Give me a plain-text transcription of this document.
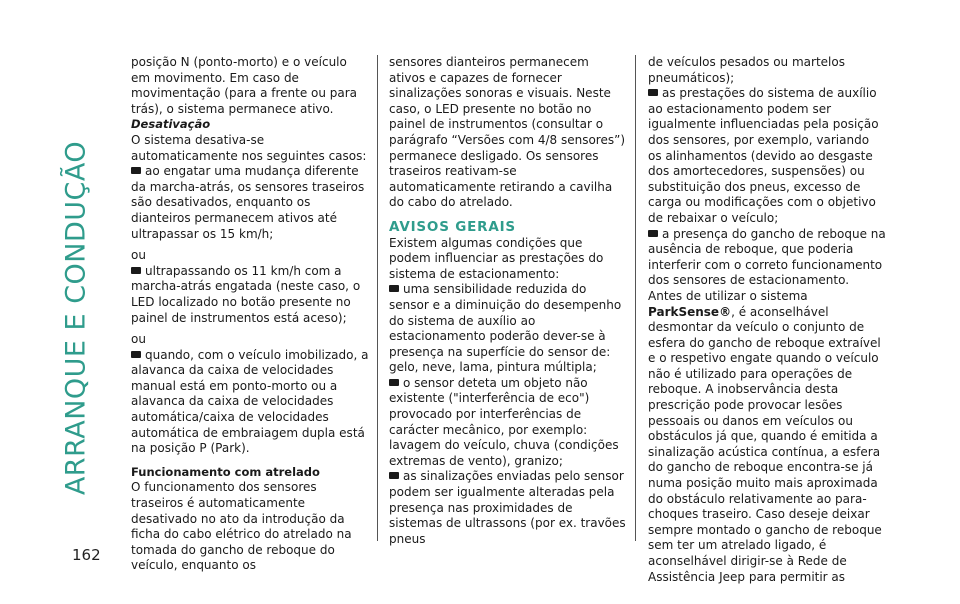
ARRANQUE E CONDUÇÃO
162

posição N (ponto-morto) e o veículo em movimento. Em caso de movimentação (para a frente ou para trás), o sistema permanece ativo.

Desativação

O sistema desativa-se automaticamente nos seguintes casos:

ao engatar uma mudança diferente da marcha-atrás, os sensores traseiros são desativados, enquanto os dianteiros permanecem ativos até ultrapassar os 15 km/h;

ou

ultrapassando os 11 km/h com a marcha-atrás engatada (neste caso, o LED localizado no botão presente no painel de instrumentos está aceso);

ou

quando, com o veículo imobilizado, a alavanca da caixa de velocidades manual está em ponto-morto ou a alavanca da caixa de velocidades automática/caixa de velocidades automática de embraiagem dupla está na posição P (Park).

Funcionamento com atrelado

O funcionamento dos sensores traseiros é automaticamente desativado no ato da introdução da ficha do cabo elétrico do atrelado na tomada do gancho de reboque do veículo, enquanto os

sensores dianteiros permanecem ativos e capazes de fornecer sinalizações sonoras e visuais. Neste caso, o LED presente no botão no painel de instrumentos (consultar o parágrafo “Versões com 4/8 sensores”) permanece desligado. Os sensores traseiros reativam-se automaticamente retirando a cavilha do cabo do atrelado.

AVISOS GERAIS

Existem algumas condições que podem influenciar as prestações do sistema de estacionamento:

uma sensibilidade reduzida do sensor e a diminuição do desempenho do sistema de auxílio ao estacionamento poderão dever-se à presença na superfície do sensor de: gelo, neve, lama, pintura múltipla;

o sensor deteta um objeto não existente ("interferência de eco") provocado por interferências de carácter mecânico, por exemplo: lavagem do veículo, chuva (condições extremas de vento), granizo;

as sinalizações enviadas pelo sensor podem ser igualmente alteradas pela presença nas proximidades de sistemas de ultrassons (por ex. travões pneus

de veículos pesados ou martelos pneumáticos);

as prestações do sistema de auxílio ao estacionamento podem ser igualmente influenciadas pela posição dos sensores, por exemplo, variando os alinhamentos (devido ao desgaste dos amortecedores, suspensões) ou substituição dos pneus, excesso de carga ou modificações com o objetivo de rebaixar o veículo;

a presença do gancho de reboque na ausência de reboque, que poderia interferir com o correto funcionamento dos sensores de estacionamento. Antes de utilizar o sistema ParkSense®, é aconselhável desmontar da veículo o conjunto de esfera do gancho de reboque extraível e o respetivo engate quando o veículo não é utilizado para operações de reboque. A inobservância desta prescrição pode provocar lesões pessoais ou danos em veículos ou obstáculos já que, quando é emitida a sinalização acústica contínua, a esfera do gancho de reboque encontra-se já numa posição muito mais aproximada do obstáculo relativamente ao para-choques traseiro. Caso deseje deixar sempre montado o gancho de reboque sem ter um atrelado ligado, é aconselhável dirigir-se à Rede de Assistência Jeep para permitir as
